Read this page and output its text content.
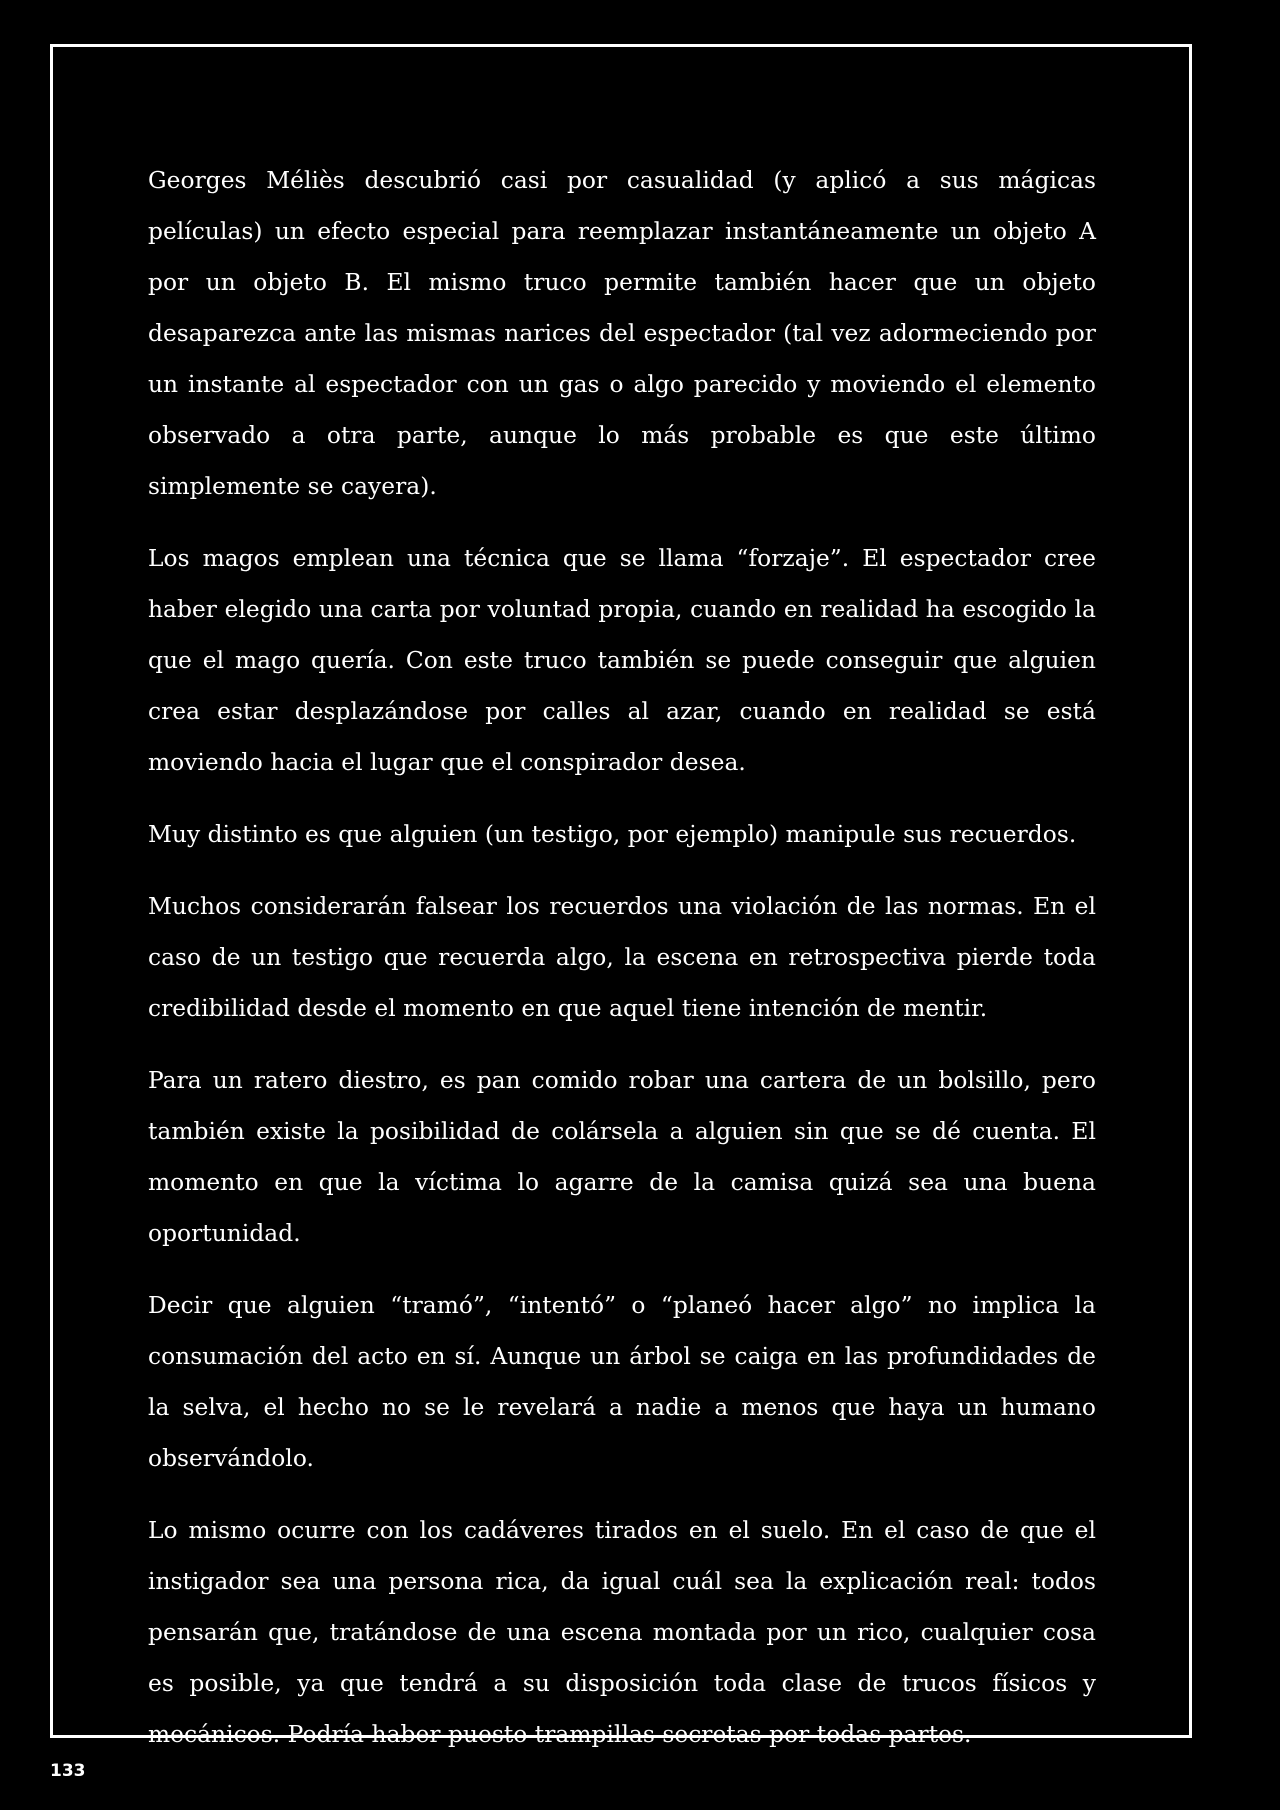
Georges Méliès descubrió casi por casualidad (y aplicó a sus mágicas películas) un efecto especial para reemplazar instantáneamente un objeto A por un objeto B. El mismo truco permite también hacer que un objeto desaparezca ante las mismas narices del espectador (tal vez adormeciendo por un instante al espectador con un gas o algo parecido y moviendo el elemento observado a otra parte, aunque lo más probable es que este último simplemente se cayera).

Los magos emplean una técnica que se llama “forzaje”. El espectador cree haber elegido una carta por voluntad propia, cuando en realidad ha escogido la que el mago quería. Con este truco también se puede conseguir que alguien crea estar desplazándose por calles al azar, cuando en realidad se está moviendo hacia el lugar que el conspirador desea.

Muy distinto es que alguien (un testigo, por ejemplo) manipule sus recuerdos.

Muchos considerarán falsear los recuerdos una violación de las normas. En el caso de un testigo que recuerda algo, la escena en retrospectiva pierde toda credibilidad desde el momento en que aquel tiene intención de mentir.

Para un ratero diestro, es pan comido robar una cartera de un bolsillo, pero también existe la posibilidad de colársela a alguien sin que se dé cuenta. El momento en que la víctima lo agarre de la camisa quizá sea una buena oportunidad.

Decir que alguien “tramó”, “intentó” o “planeó hacer algo” no implica la consumación del acto en sí. Aunque un árbol se caiga en las profundidades de la selva, el hecho no se le revelará a nadie a menos que haya un humano observándolo.

Lo mismo ocurre con los cadáveres tirados en el suelo. En el caso de que el instigador sea una persona rica, da igual cuál sea la explicación real: todos pensarán que, tratándose de una escena montada por un rico, cualquier cosa es posible, ya que tendrá a su disposición toda clase de trucos físicos y mecánicos. Podría haber puesto trampillas secretas por todas partes.

133
